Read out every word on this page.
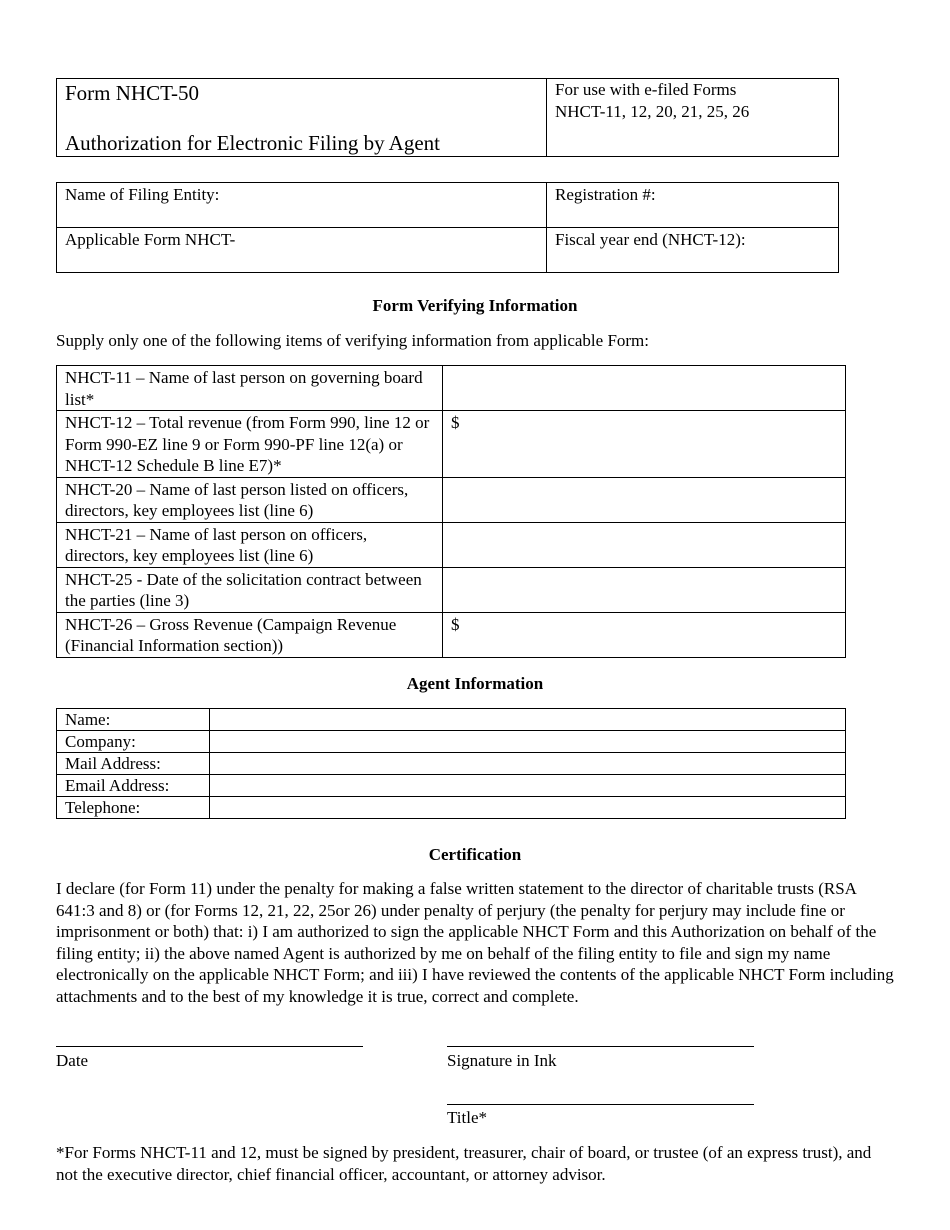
Form NHCT-50
Authorization for Electronic Filing by Agent

For use with e-filed Forms
NHCT-11, 12, 20, 21, 25, 26
Name of Filing Entity:	Registration #:
Applicable Form NHCT-	Fiscal year end (NHCT-12):
Form Verifying Information
Supply only one of the following items of verifying information from applicable Form:
NHCT-11 – Name of last person on governing board list*	
NHCT-12 – Total revenue (from Form 990, line 12 or Form 990-EZ line 9 or Form 990-PF line 12(a) or NHCT-12 Schedule B line E7)*	$
NHCT-20 – Name of last person listed on officers, directors, key employees list (line 6)	
NHCT-21 – Name of last person on officers, directors, key employees list (line 6)	
NHCT-25 - Date of the solicitation contract between the parties (line 3)	
NHCT-26 – Gross Revenue (Campaign Revenue (Financial Information section))	$
Agent Information
Name:	
Company:	
Mail Address:	
Email Address:	
Telephone:	
Certification
I declare (for Form 11) under the penalty for making a false written statement to the director of charitable trusts (RSA 641:3 and 8) or (for Forms 12, 21, 22, 25or 26) under penalty of perjury (the penalty for perjury may include fine or imprisonment or both) that: i) I am authorized to sign the applicable NHCT Form and this Authorization on behalf of the filing entity; ii) the above named Agent is authorized by me on behalf of the filing entity to file and sign my name electronically on the applicable NHCT Form; and iii) I have reviewed the contents of the applicable NHCT Form including attachments and to the best of my knowledge it is true, correct and complete.
Date	Signature in Ink
Title*
*For Forms NHCT-11 and 12, must be signed by president, treasurer, chair of board, or trustee (of an express trust), and not the executive director, chief financial officer, accountant, or attorney advisor.
